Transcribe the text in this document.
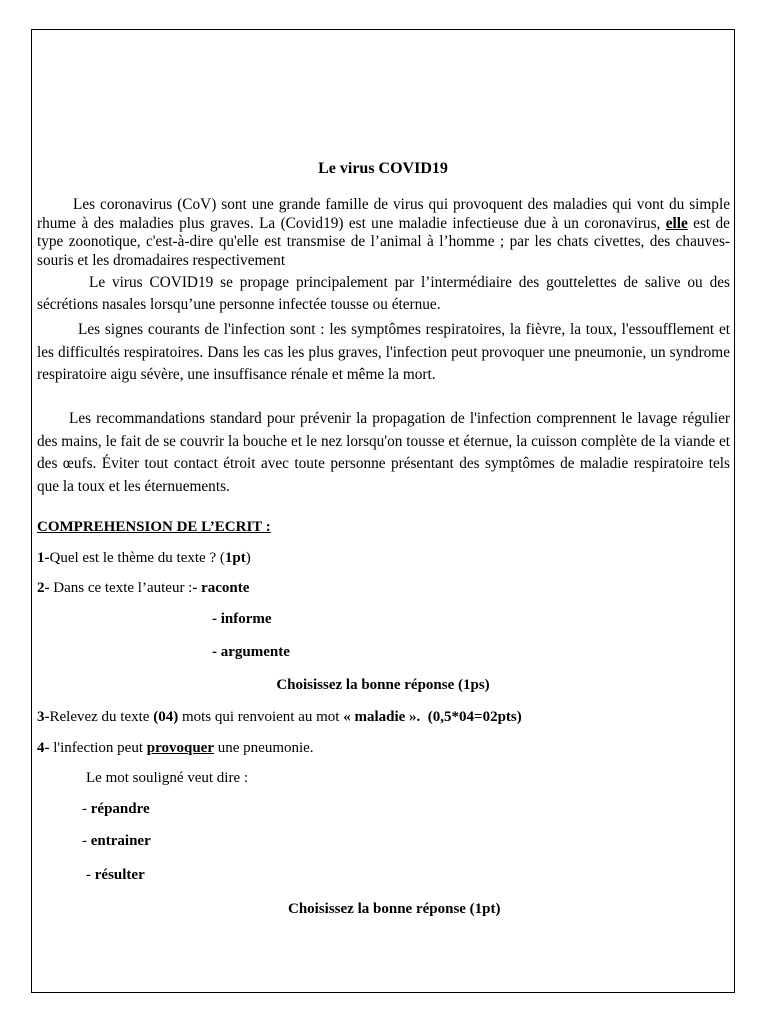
Le virus COVID19

Les coronavirus (CoV) sont une grande famille de virus qui provoquent des maladies qui vont du simple rhume à des maladies plus graves. La (Covid19) est une maladie infectieuse due à un coronavirus, elle est de type zoonotique, c'est-à-dire qu'elle est transmise de l’animal à l’homme ; par les chats civettes, des chauves- souris et les dromadaires respectivement

Le virus COVID19 se propage principalement par l’intermédiaire des gouttelettes de salive ou des sécrétions nasales lorsqu’une personne infectée tousse ou éternue.

Les signes courants de l'infection sont : les symptômes respiratoires, la fièvre, la toux, l'essoufflement et les difficultés respiratoires. Dans les cas les plus graves, l'infection peut provoquer une pneumonie, un syndrome respiratoire aigu sévère, une insuffisance rénale et même la mort.

Les recommandations standard pour prévenir la propagation de l'infection comprennent le lavage régulier des mains, le fait de se couvrir la bouche et le nez lorsqu'on tousse et éternue, la cuisson complète de la viande et des œufs. Éviter tout contact étroit avec toute personne présentant des symptômes de maladie respiratoire tels que la toux et les éternuements.

COMPREHENSION DE L’ECRIT :
1-Quel est le thème du texte ? (1pt)
2- Dans ce texte l’auteur :- raconte
- informe
- argumente
Choisissez la bonne réponse (1ps)
3-Relevez du texte (04) mots qui renvoient au mot « maladie ». (0,5*04=02pts)
4- l'infection peut provoquer une pneumonie.
Le mot souligné veut dire :
- répandre
- entrainer
- résulter
Choisissez la bonne réponse (1pt)
